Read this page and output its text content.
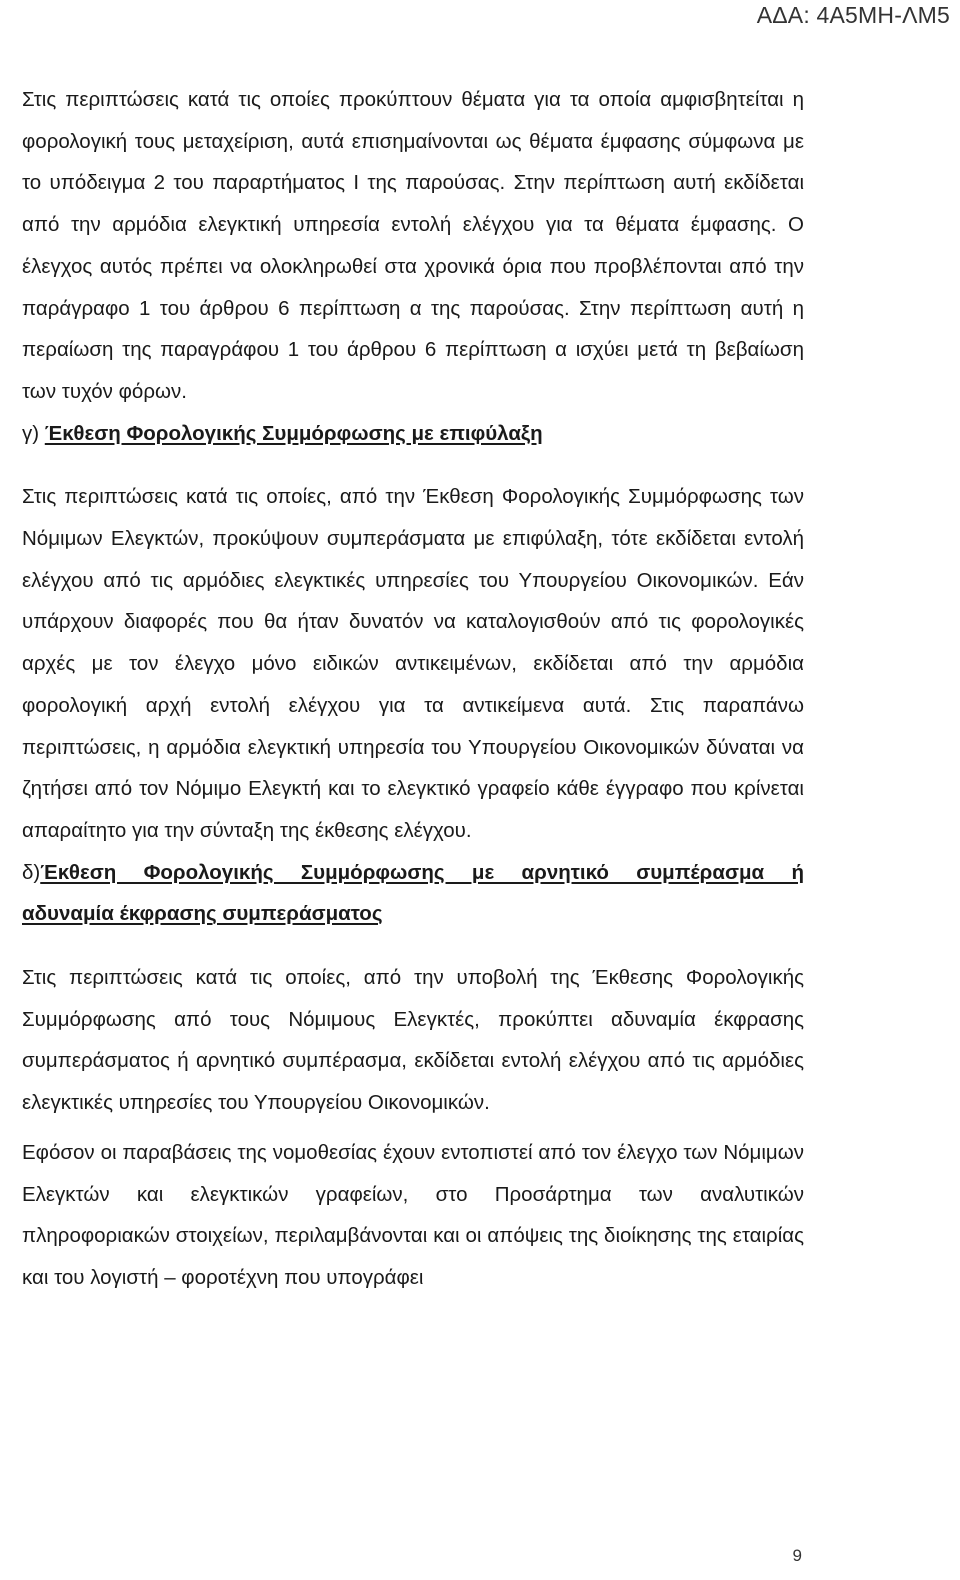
ΑΔΑ: 4Α5ΜΗ-ΛΜ5

Στις περιπτώσεις κατά τις οποίες προκύπτουν θέματα για τα οποία αμφισβητείται η φορολογική τους μεταχείριση, αυτά επισημαίνονται ως θέματα έμφασης σύμφωνα με το υπόδειγμα 2 του παραρτήματος Ι της παρούσας. Στην περίπτωση αυτή εκδίδεται από την αρμόδια ελεγκτική υπηρεσία εντολή ελέγχου για τα θέματα έμφασης. Ο έλεγχος αυτός πρέπει να ολοκληρωθεί στα χρονικά όρια που προβλέπονται από την παράγραφο 1 του άρθρου 6 περίπτωση α της παρούσας. Στην περίπτωση αυτή η περαίωση της παραγράφου 1 του άρθρου 6 περίπτωση α ισχύει μετά τη βεβαίωση των τυχόν φόρων.

γ) Έκθεση Φορολογικής Συμμόρφωσης με επιφύλαξη

Στις περιπτώσεις κατά τις οποίες, από την Έκθεση Φορολογικής Συμμόρφωσης των Νόμιμων Ελεγκτών, προκύψουν συμπεράσματα με επιφύλαξη, τότε εκδίδεται εντολή ελέγχου από τις αρμόδιες ελεγκτικές υπηρεσίες του Υπουργείου Οικονομικών. Εάν υπάρχουν διαφορές που θα ήταν δυνατόν να καταλογισθούν από τις φορολογικές αρχές με τον έλεγχο μόνο ειδικών αντικειμένων, εκδίδεται από την αρμόδια φορολογική αρχή εντολή ελέγχου για τα αντικείμενα αυτά. Στις παραπάνω περιπτώσεις, η αρμόδια ελεγκτική υπηρεσία του Υπουργείου Οικονομικών δύναται να ζητήσει από τον Νόμιμο Ελεγκτή και το ελεγκτικό γραφείο κάθε έγγραφο που κρίνεται απαραίτητο για την σύνταξη της έκθεσης ελέγχου.

δ)Έκθεση Φορολογικής Συμμόρφωσης με αρνητικό συμπέρασμα ή
αδυναμία έκφρασης συμπεράσματος

Στις περιπτώσεις κατά τις οποίες, από την υποβολή της Έκθεσης Φορολογικής Συμμόρφωσης από τους Νόμιμους Ελεγκτές, προκύπτει αδυναμία έκφρασης συμπεράσματος ή αρνητικό συμπέρασμα, εκδίδεται εντολή ελέγχου από τις αρμόδιες ελεγκτικές υπηρεσίες του Υπουργείου Οικονομικών.

Εφόσον οι παραβάσεις της νομοθεσίας έχουν εντοπιστεί από τον έλεγχο των Νόμιμων Ελεγκτών και ελεγκτικών γραφείων, στο Προσάρτημα των αναλυτικών πληροφοριακών στοιχείων, περιλαμβάνονται και οι απόψεις της διοίκησης της εταιρίας και του λογιστή – φοροτέχνη που υπογράφει

9
